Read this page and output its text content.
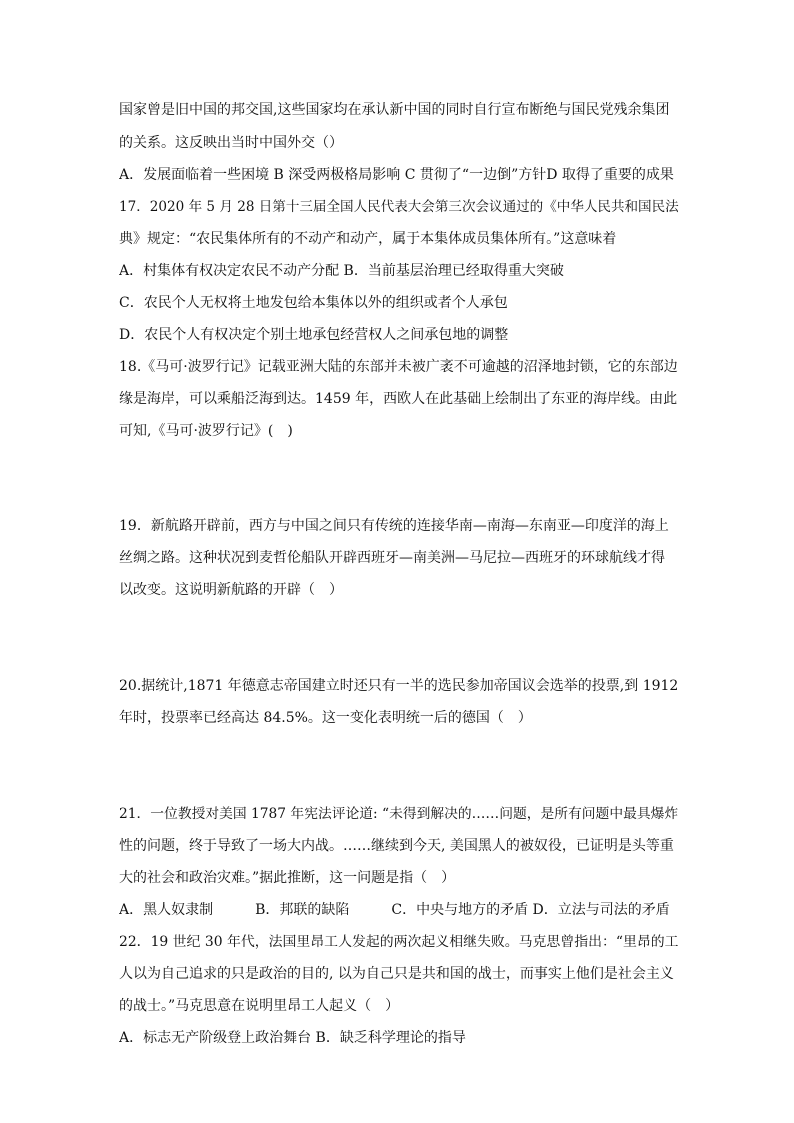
国家曾是旧中国的邦交国,这些国家均在承认新中国的同时自行宣布断绝与国民党残余集团
的关系。这反映出当时中国外交（）
A．发展面临着一些困境 B 深受两极格局影响 C 贯彻了“一边倒”方针D 取得了重要的成果
17．2020 年 5 月 28 日第十三届全国人民代表大会第三次会议通过的《中华人民共和国民法
典》规定：“农民集体所有的不动产和动产，属于本集体成员集体所有。”这意味着
A．村集体有权决定农民不动产分配 B．当前基层治理已经取得重大突破
C．农民个人无权将土地发包给本集体以外的组织或者个人承包
D．农民个人有权决定个别土地承包经营权人之间承包地的调整
18.《马可·波罗行记》记载亚洲大陆的东部并未被广袤不可逾越的沼泽地封锁，它的东部边
缘是海岸，可以乘船泛海到达。1459 年，西欧人在此基础上绘制出了东亚的海岸线。由此
可知,《马可·波罗行记》(　)
19．新航路开辟前，西方与中国之间只有传统的连接华南—南海—东南亚—印度洋的海上
丝绸之路。这种状况到麦哲伦船队开辟西班牙—南美洲—马尼拉—西班牙的环球航线才得
以改变。这说明新航路的开辟（　）
20.据统计,1871 年德意志帝国建立时还只有一半的选民参加帝国议会选举的投票,到 1912
年时，投票率已经高达 84.5%。这一变化表明统一后的德国（　）
21．一位教授对美国 1787 年宪法评论道: “未得到解决的……问题，是所有问题中最具爆炸
性的问题，终于导致了一场大内战。……继续到今天, 美国黑人的被奴役，已证明是头等重
大的社会和政治灾难。”据此推断，这一问题是指（　）
A．黑人奴隶制　　　B．邦联的缺陷　　　C．中央与地方的矛盾 D．立法与司法的矛盾
22．19 世纪 30 年代，法国里昂工人发起的两次起义相继失败。马克思曾指出：“里昂的工
人以为自己追求的只是政治的目的, 以为自己只是共和国的战士，而事实上他们是社会主义
的战士。”马克思意在说明里昂工人起义（　）
A．标志无产阶级登上政治舞台 B．缺乏科学理论的指导
